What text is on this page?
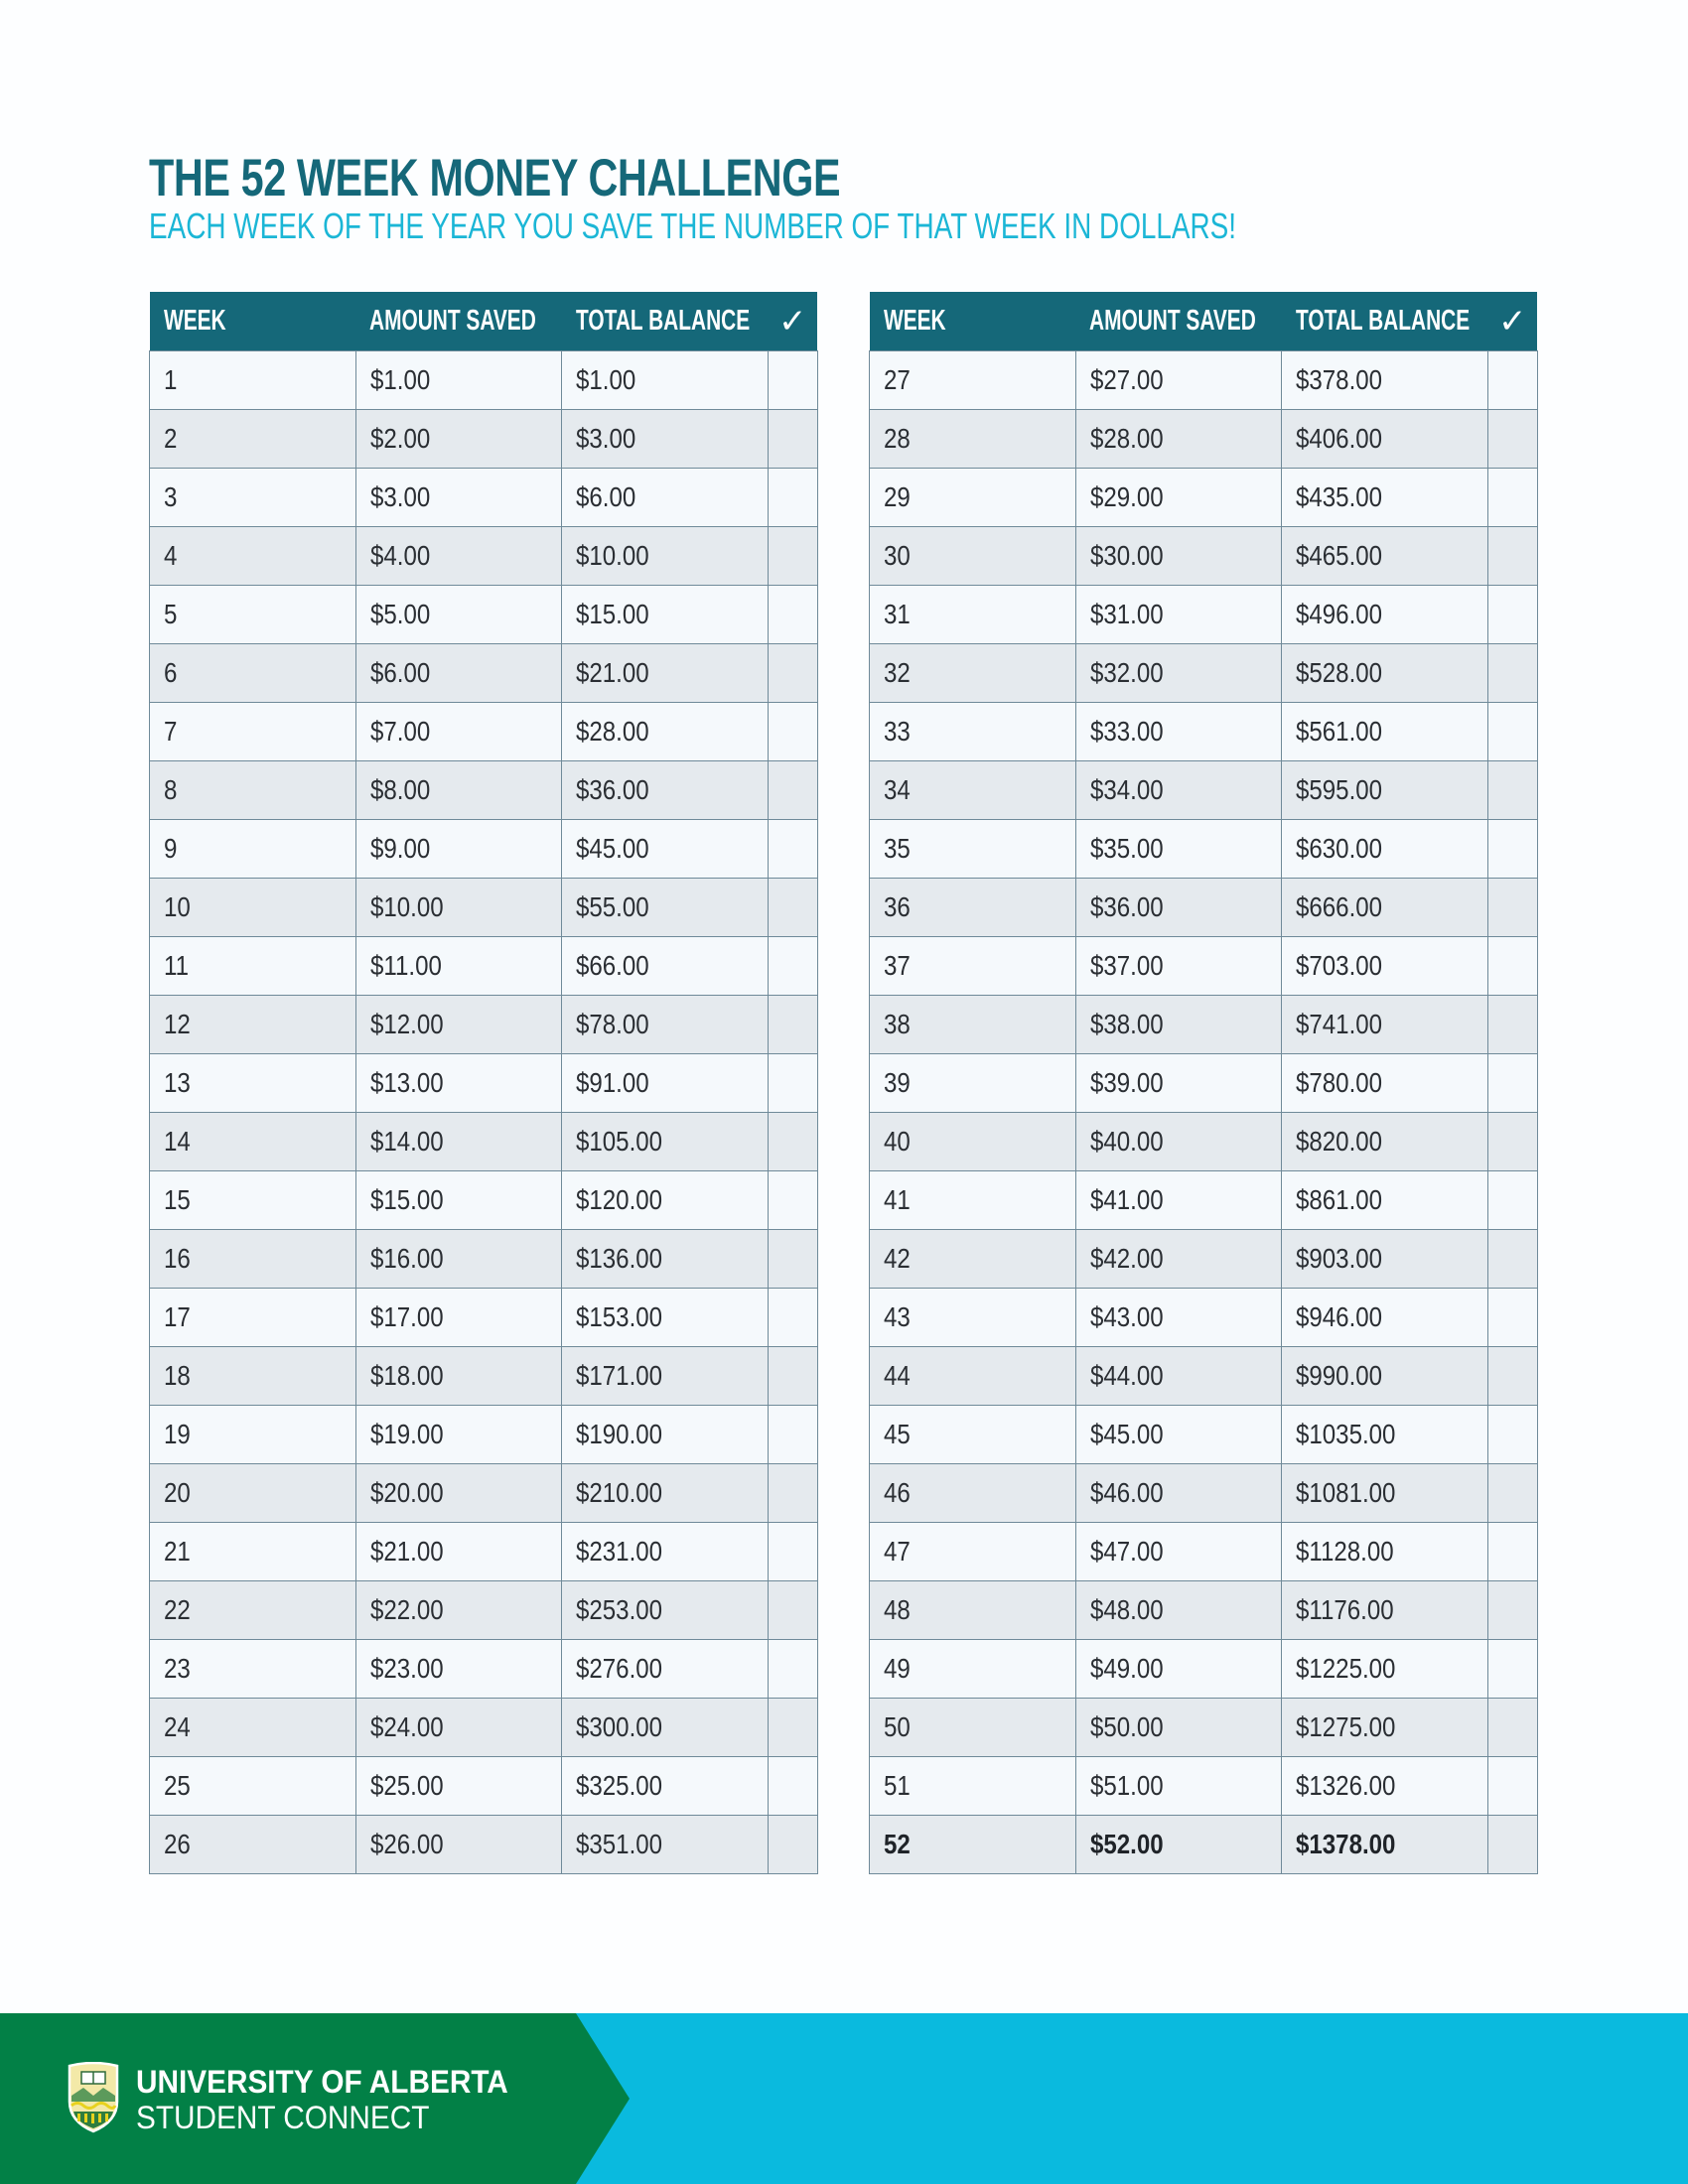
THE 52 WEEK MONEY CHALLENGE
EACH WEEK OF THE YEAR YOU SAVE THE NUMBER OF THAT WEEK IN DOLLARS!
WEEK	AMOUNT SAVED	TOTAL BALANCE	✓
1	$1.00	$1.00	
2	$2.00	$3.00	
3	$3.00	$6.00	
4	$4.00	$10.00	
5	$5.00	$15.00	
6	$6.00	$21.00	
7	$7.00	$28.00	
8	$8.00	$36.00	
9	$9.00	$45.00	
10	$10.00	$55.00	
11	$11.00	$66.00	
12	$12.00	$78.00	
13	$13.00	$91.00	
14	$14.00	$105.00	
15	$15.00	$120.00	
16	$16.00	$136.00	
17	$17.00	$153.00	
18	$18.00	$171.00	
19	$19.00	$190.00	
20	$20.00	$210.00	
21	$21.00	$231.00	
22	$22.00	$253.00	
23	$23.00	$276.00	
24	$24.00	$300.00	
25	$25.00	$325.00	
26	$26.00	$351.00	
WEEK	AMOUNT SAVED	TOTAL BALANCE	✓
27	$27.00	$378.00	
28	$28.00	$406.00	
29	$29.00	$435.00	
30	$30.00	$465.00	
31	$31.00	$496.00	
32	$32.00	$528.00	
33	$33.00	$561.00	
34	$34.00	$595.00	
35	$35.00	$630.00	
36	$36.00	$666.00	
37	$37.00	$703.00	
38	$38.00	$741.00	
39	$39.00	$780.00	
40	$40.00	$820.00	
41	$41.00	$861.00	
42	$42.00	$903.00	
43	$43.00	$946.00	
44	$44.00	$990.00	
45	$45.00	$1035.00	
46	$46.00	$1081.00	
47	$47.00	$1128.00	
48	$48.00	$1176.00	
49	$49.00	$1225.00	
50	$50.00	$1275.00	
51	$51.00	$1326.00	
52	$52.00	$1378.00	
UNIVERSITY OF ALBERTA
STUDENT CONNECT
